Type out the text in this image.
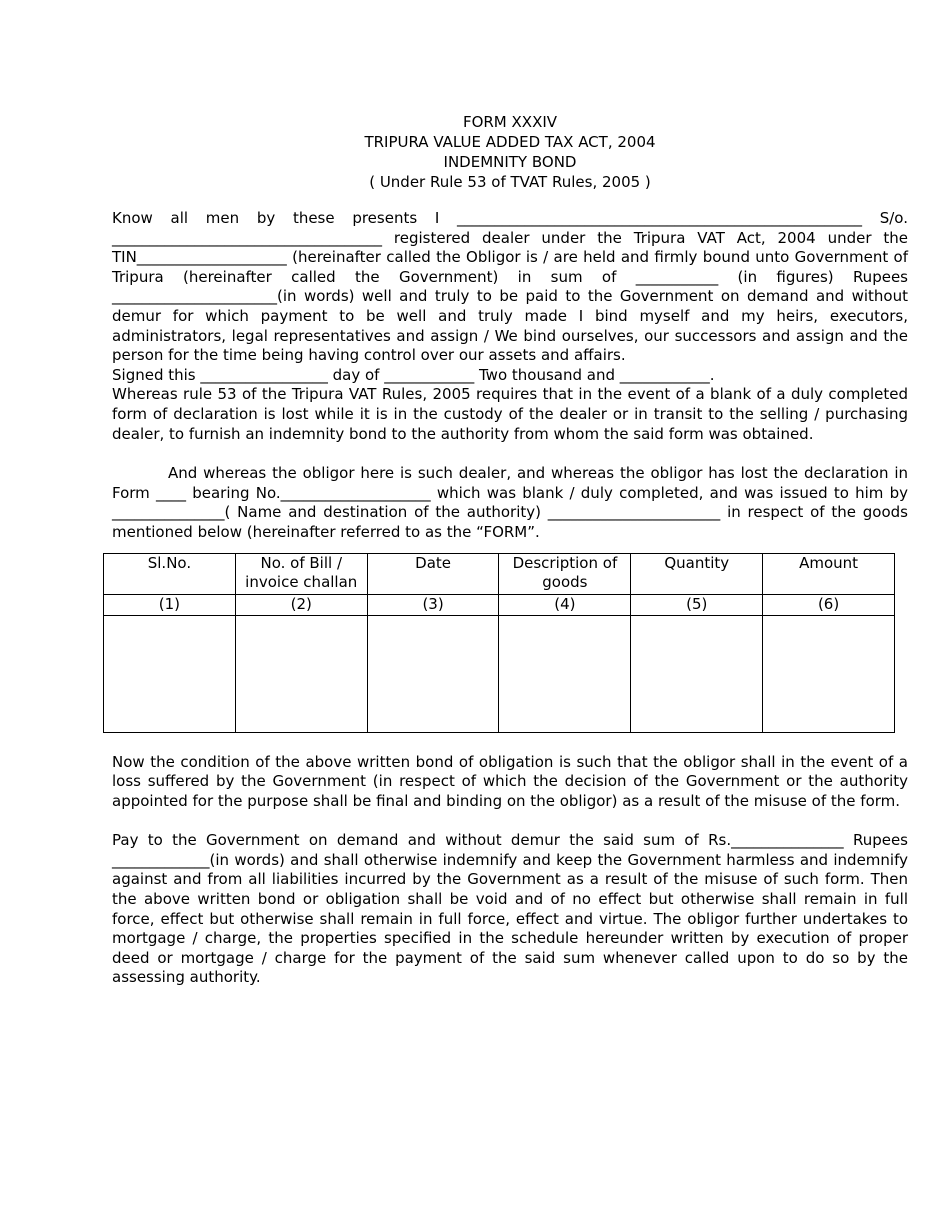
FORM XXXIV
TRIPURA VALUE ADDED TAX ACT, 2004
INDEMNITY BOND
( Under Rule 53 of TVAT Rules, 2005 )

Know all men by these presents I ______________________________________________________ S/o. ____________________________________ registered dealer under the Tripura VAT Act, 2004 under the TIN____________________ (hereinafter called the Obligor is / are held and firmly bound unto Government of Tripura (hereinafter called the Government) in sum of ___________ (in figures) Rupees ______________________(in words) well and truly to be paid to the Government on demand and without demur for which payment to be well and truly made I bind myself and my heirs, executors, administrators, legal representatives and assign / We bind ourselves, our successors and assign and the person for the time being having control over our assets and affairs.

Signed this _________________ day of ____________ Two thousand and ____________.

Whereas rule 53 of the Tripura VAT Rules, 2005 requires that in the event of a blank of a duly completed form of declaration is lost while it is in the custody of the dealer or in transit to the selling / purchasing dealer, to furnish an indemnity bond to the authority from whom the said form was obtained.

And whereas the obligor here is such dealer, and whereas the obligor has lost the declaration in Form ____ bearing No.____________________ which was blank / duly completed, and was issued to him by _______________( Name and destination of the authority) _______________________ in respect of the goods mentioned below (hereinafter referred to as the “FORM”.

Sl.No.	No. of Bill / invoice challan	Date	Description of goods	Quantity	Amount
(1)	(2)	(3)	(4)	(5)	(6)

Now the condition of the above written bond of obligation is such that the obligor shall in the event of a loss suffered by the Government (in respect of which the decision of the Government or the authority appointed for the purpose shall be final and binding on the obligor) as a result of the misuse of the form.

Pay to the Government on demand and without demur the said sum of Rs._______________ Rupees _____________(in words) and shall otherwise indemnify and keep the Government harmless and indemnify against and from all liabilities incurred by the Government as a result of the misuse of such form. Then the above written bond or obligation shall be void and of no effect but otherwise shall remain in full force, effect but otherwise shall remain in full force, effect and virtue. The obligor further undertakes to mortgage / charge, the properties specified in the schedule hereunder written by execution of proper deed or mortgage / charge for the payment of the said sum whenever called upon to do so by the assessing authority.
